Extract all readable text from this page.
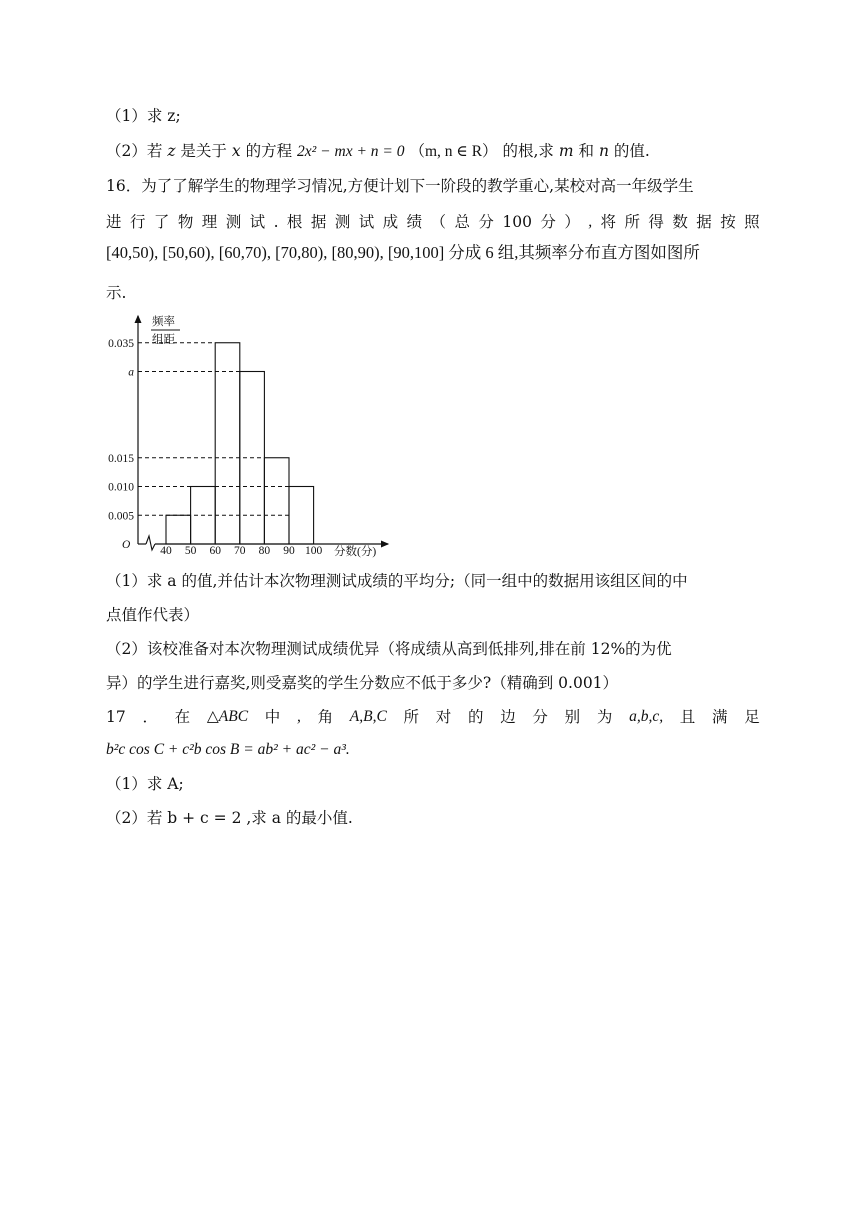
（1）求 z;
（2）若 z 是关于 x 的方程 2x² − mx + n = 0 （m, n ∈ R） 的根,求 m 和 n 的值.
16．为了了解学生的物理学习情况,方便计划下一阶段的教学重心,某校对高一年级学生
进 行 了 物 理 测 试 . 根 据 测 试 成 绩 （ 总 分 100 分 ） , 将 所 得 数 据 按 照
[40,50), [50,60), [60,70), [70,80), [80,90), [90,100] 分成 6 组,其频率分布直方图如图所
示.
频率
组距
O
分数(分)
0.005
0.010
0.015
a
0.035
40 50 60 70 80 90 100
（1）求 a 的值,并估计本次物理测试成绩的平均分;（同一组中的数据用该组区间的中
点值作代表）
（2）该校准备对本次物理测试成绩优异（将成绩从高到低排列,排在前 12%的为优
异）的学生进行嘉奖,则受嘉奖的学生分数应不低于多少?（精确到 0.001）
17 ． 在 △ABC 中 , 角 A,B,C 所 对 的 边 分 别 为 a,b,c, 且 满 足
b²c cos C + c²b cos B = ab² + ac² − a³.
（1）求 A;
（2）若 b + c = 2 ,求 a 的最小值.
